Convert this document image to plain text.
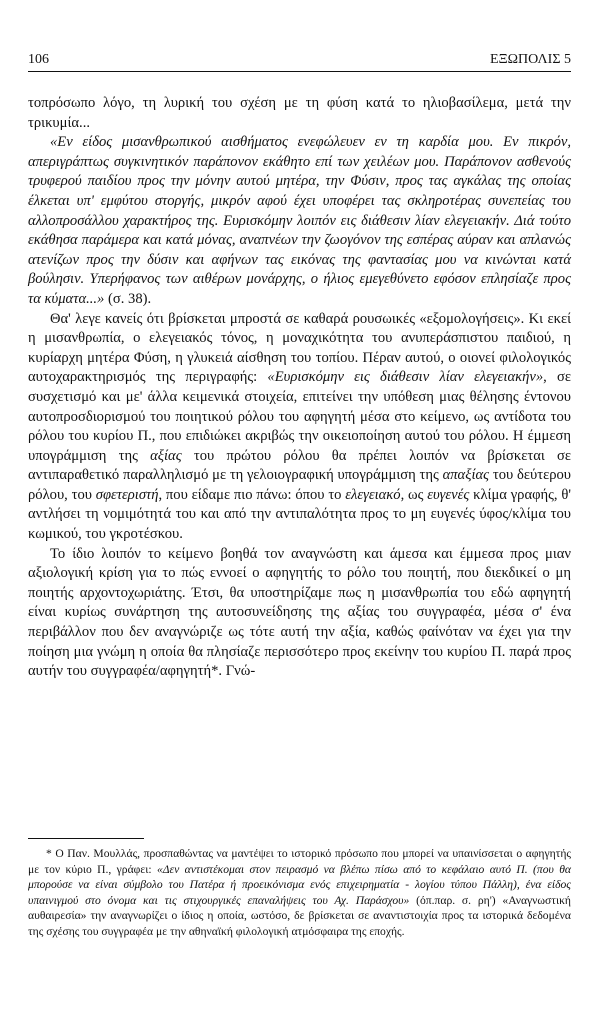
106	ΕΞΩΠΟΛΙΣ 5

τοπρόσωπο λόγο, τη λυρική του σχέση με τη φύση κατά το ηλιοβασίλεμα, μετά την τρικυμία...

«Εν είδος μισανθρωπικού αισθήματος ενεφώλευεν εν τη καρδία μου. Εν πικρόν, απεριγράπτως συγκινητικόν παράπονον εκάθητο επί των χειλέων μου. Παράπονον ασθενούς τρυφερού παιδίου προς την μόνην αυτού μητέρα, την Φύσιν, προς τας αγκάλας της οποίας έλκεται υπ' εμφύτου στοργής, μικρόν αφού έχει υποφέρει τας σκληροτέρας συνεπείας του αλλοπροσάλλου χαρακτήρος της. Ευρισκόμην λοιπόν εις διάθεσιν λίαν ελεγειακήν. Διά τούτο εκάθησα παράμερα και κατά μόνας, αναπνέων την ζωογόνον της εσπέρας αύραν και απλανώς ατενίζων προς την δύσιν και αφήνων τας εικόνας της φαντασίας μου να κινώνται κατά βούλησιν. Υπερήφανος των αιθέρων μονάρχης, ο ήλιος εμεγεθύνετο εφόσον επλησίαζε προς τα κύματα...» (σ. 38).

Θα' λεγε κανείς ότι βρίσκεται μπροστά σε καθαρά ρουσωικές «εξομολογήσεις». Κι εκεί η μισανθρωπία, ο ελεγειακός τόνος, η μοναχικότητα του ανυπεράσπιστου παιδιού, η κυρίαρχη μητέρα Φύση, η γλυκειά αίσθηση του τοπίου. Πέραν αυτού, ο οιονεί φιλολογικός αυτοχαρακτηρισμός της περιγραφής: «Ευρισκόμην εις διάθεσιν λίαν ελεγειακήν», σε συσχετισμό και με' άλλα κειμενικά στοιχεία, επιτείνει την υπόθεση μιας θέλησης έντονου αυτοπροσδιορισμού του ποιητικού ρόλου του αφηγητή μέσα στο κείμενο, ως αντίδοτα του ρόλου του κυρίου Π., που επιδιώκει ακριβώς την οικειοποίηση αυτού του ρόλου. Η έμμεση υπογράμμιση της αξίας του πρώτου ρόλου θα πρέπει λοιπόν να βρίσκεται σε αντιπαραθετικό παραλληλισμό με τη γελοιογραφική υπογράμμιση της απαξίας του δεύτερου ρόλου, του σφετεριστή, που είδαμε πιο πάνω: όπου το ελεγειακό, ως ευγενές κλίμα γραφής, θ' αντλήσει τη νομιμότητά του και από την αντιπαλότητα προς το μη ευγενές ύφος/κλίμα του κωμικού, του γκροτέσκου.

Το ίδιο λοιπόν το κείμενο βοηθά τον αναγνώστη και άμεσα και έμμεσα προς μιαν αξιολογική κρίση για το πώς εννοεί ο αφηγητής το ρόλο του ποιητή, που διεκδικεί ο μη ποιητής αρχοντοχωριάτης. Έτσι, θα υποστηρίζαμε πως η μισανθρωπία του εδώ αφηγητή είναι κυρίως συνάρτηση της αυτοσυνείδησης της αξίας του συγγραφέα, μέσα σ' ένα περιβάλλον που δεν αναγνώριζε ως τότε αυτή την αξία, καθώς φαίνόταν να έχει για την ποίηση μια γνώμη η οποία θα πλησίαζε περισσότερο προς εκείνην του κυρίου Π. παρά προς αυτήν του συγγραφέα/αφηγητή*. Γνώ-

* Ο Παν. Μουλλάς, προσπαθώντας να μαντέψει το ιστορικό πρόσωπο που μπορεί να υπαινίσσεται ο αφηγητής με τον κύριο Π., γράφει: «Δεν αντιστέκομαι στον πειρασμό να βλέπω πίσω από το κεφάλαιο αυτό Π. (που θα μπορούσε να είναι σύμβολο του Πατέρα ή προεικόνισμα ενός επιχειρηματία - λογίου τύπου Πάλλη), ένα είδος υπαινιγμού στο όνομα και τις στιχουργικές επαναλήψεις του Αχ. Παράσχου» (όπ.παρ. σ. ρη') «Αναγνωστική αυθαιρεσία» την αναγνωρίζει ο ίδιος η οποία, ωστόσο, δε βρίσκεται σε αναντιστοιχία προς τα ιστορικά δεδομένα της σχέσης του συγγραφέα με την αθηναϊκή φιλολογική ατμόσφαιρα της εποχής.
